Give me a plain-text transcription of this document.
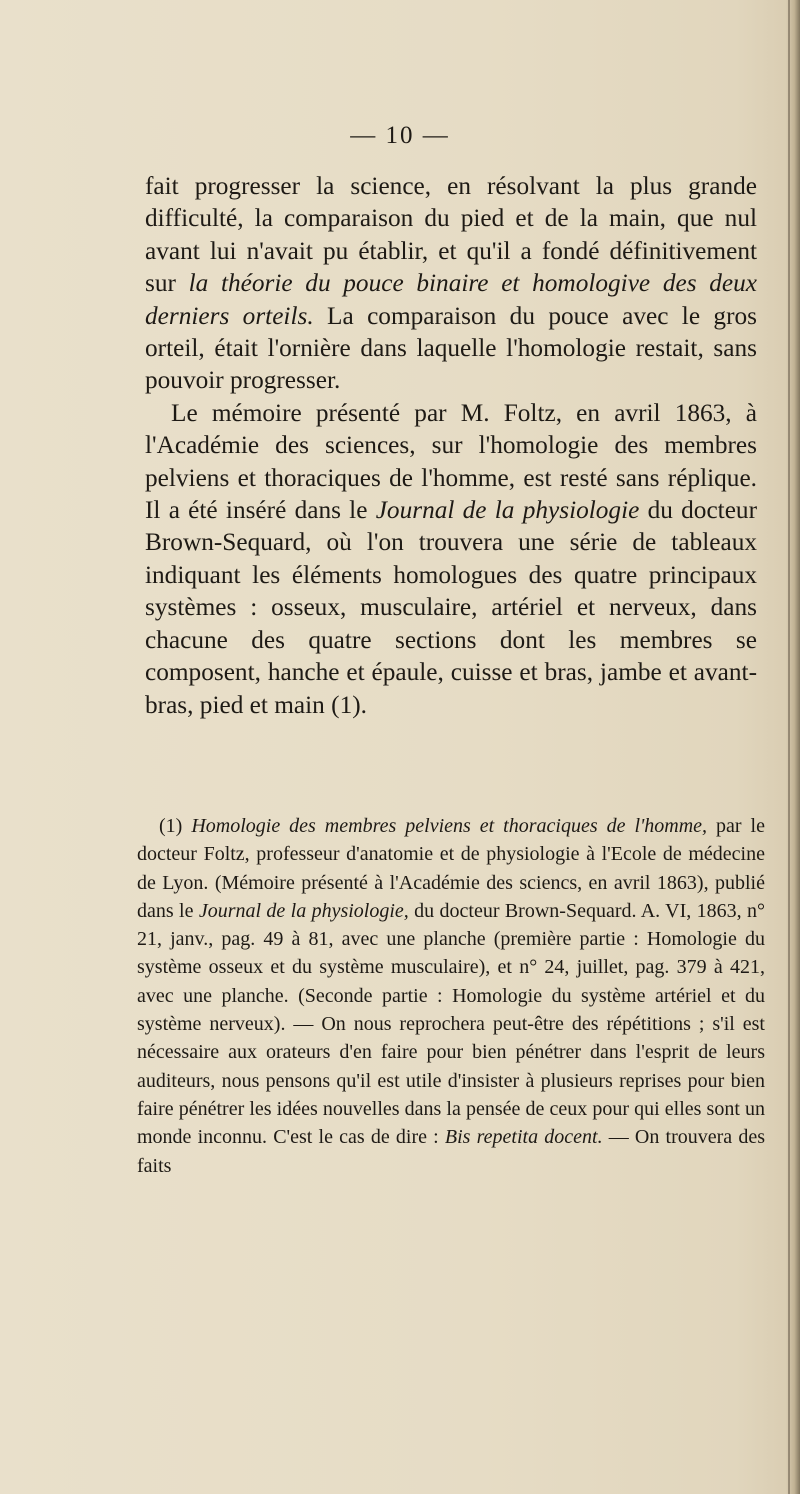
— 10 —

fait progresser la science, en résolvant la plus grande difficulté, la comparaison du pied et de la main, que nul avant lui n'avait pu établir, et qu'il a fondé définitivement sur la théorie du pouce binaire et homologive des deux derniers orteils. La comparaison du pouce avec le gros orteil, était l'ornière dans laquelle l'homologie restait, sans pouvoir progresser.

Le mémoire présenté par M. Foltz, en avril 1863, à l'Académie des sciences, sur l'homologie des membres pelviens et thoraciques de l'homme, est resté sans réplique. Il a été inséré dans le Journal de la physiologie du docteur Brown-Sequard, où l'on trouvera une série de tableaux indiquant les éléments homologues des quatre principaux systèmes : osseux, musculaire, artériel et nerveux, dans chacune des quatre sections dont les membres se composent, hanche et épaule, cuisse et bras, jambe et avant-bras, pied et main (1).

(1) Homologie des membres pelviens et thoraciques de l'homme, par le docteur Foltz, professeur d'anatomie et de physiologie à l'Ecole de médecine de Lyon. (Mémoire présenté à l'Académie des sciencs, en avril 1863), publié dans le Journal de la physiologie, du docteur Brown-Sequard. A. VI, 1863, n° 21, janv., pag. 49 à 81, avec une planche (première partie : Homologie du système osseux et du système musculaire), et n° 24, juillet, pag. 379 à 421, avec une planche. (Seconde partie : Homologie du système artériel et du système nerveux). — On nous reprochera peut-être des répétitions ; s'il est nécessaire aux orateurs d'en faire pour bien pénétrer dans l'esprit de leurs auditeurs, nous pensons qu'il est utile d'insister à plusieurs reprises pour bien faire pénétrer les idées nouvelles dans la pensée de ceux pour qui elles sont un monde inconnu. C'est le cas de dire : Bis repetita docent. — On trouvera des faits
